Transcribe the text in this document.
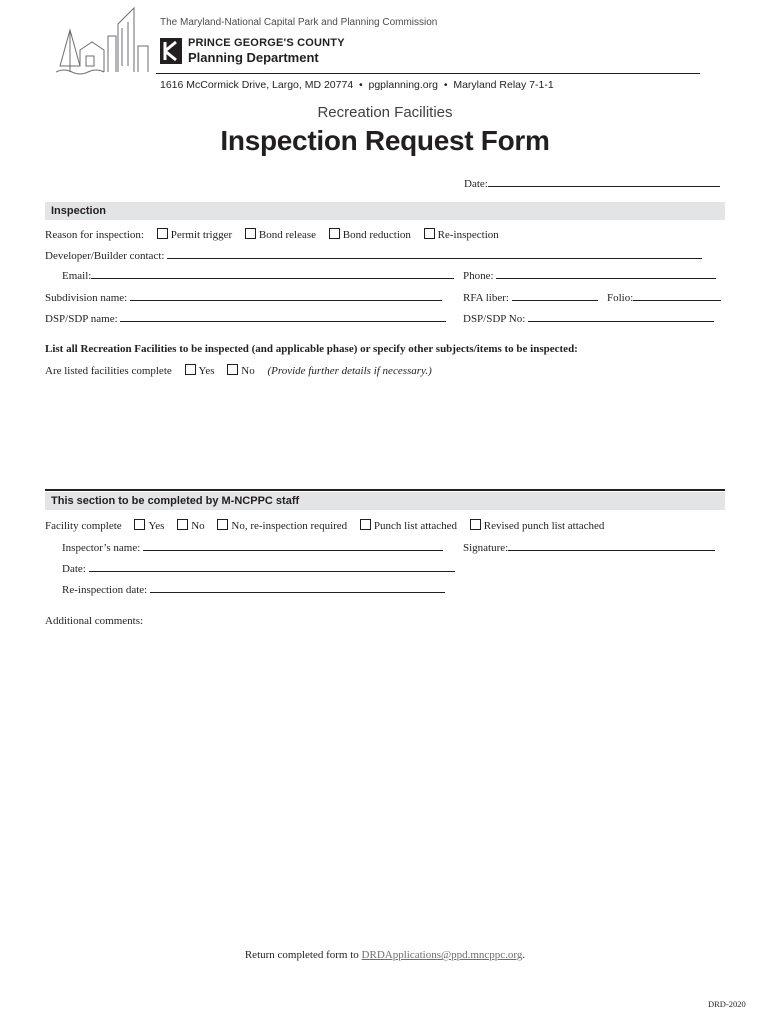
The Maryland-National Capital Park and Planning Commission
PRINCE GEORGE'S COUNTY
Planning Department
1616 McCormick Drive, Largo, MD 20774  •  pgplanning.org  •  Maryland Relay 7-1-1
Recreation Facilities
Inspection Request Form
Date:
Inspection
Reason for inspection: Permit trigger Bond release Bond reduction Re-inspection
Developer/Builder contact:
Email:	Phone:
Subdivision name:	RFA liber:	Folio:
DSP/SDP name:	DSP/SDP No:
List all Recreation Facilities to be inspected (and applicable phase) or specify other subjects/items to be inspected:
Are listed facilities complete Yes No (Provide further details if necessary.)
This section to be completed by M-NCPPC staff
Facility complete Yes No No, re-inspection required Punch list attached Revised punch list attached
Inspector’s name:	Signature:
Date:
Re-inspection date:
Additional comments:
Return completed form to DRDApplications@ppd.mncppc.org.
DRD-2020
